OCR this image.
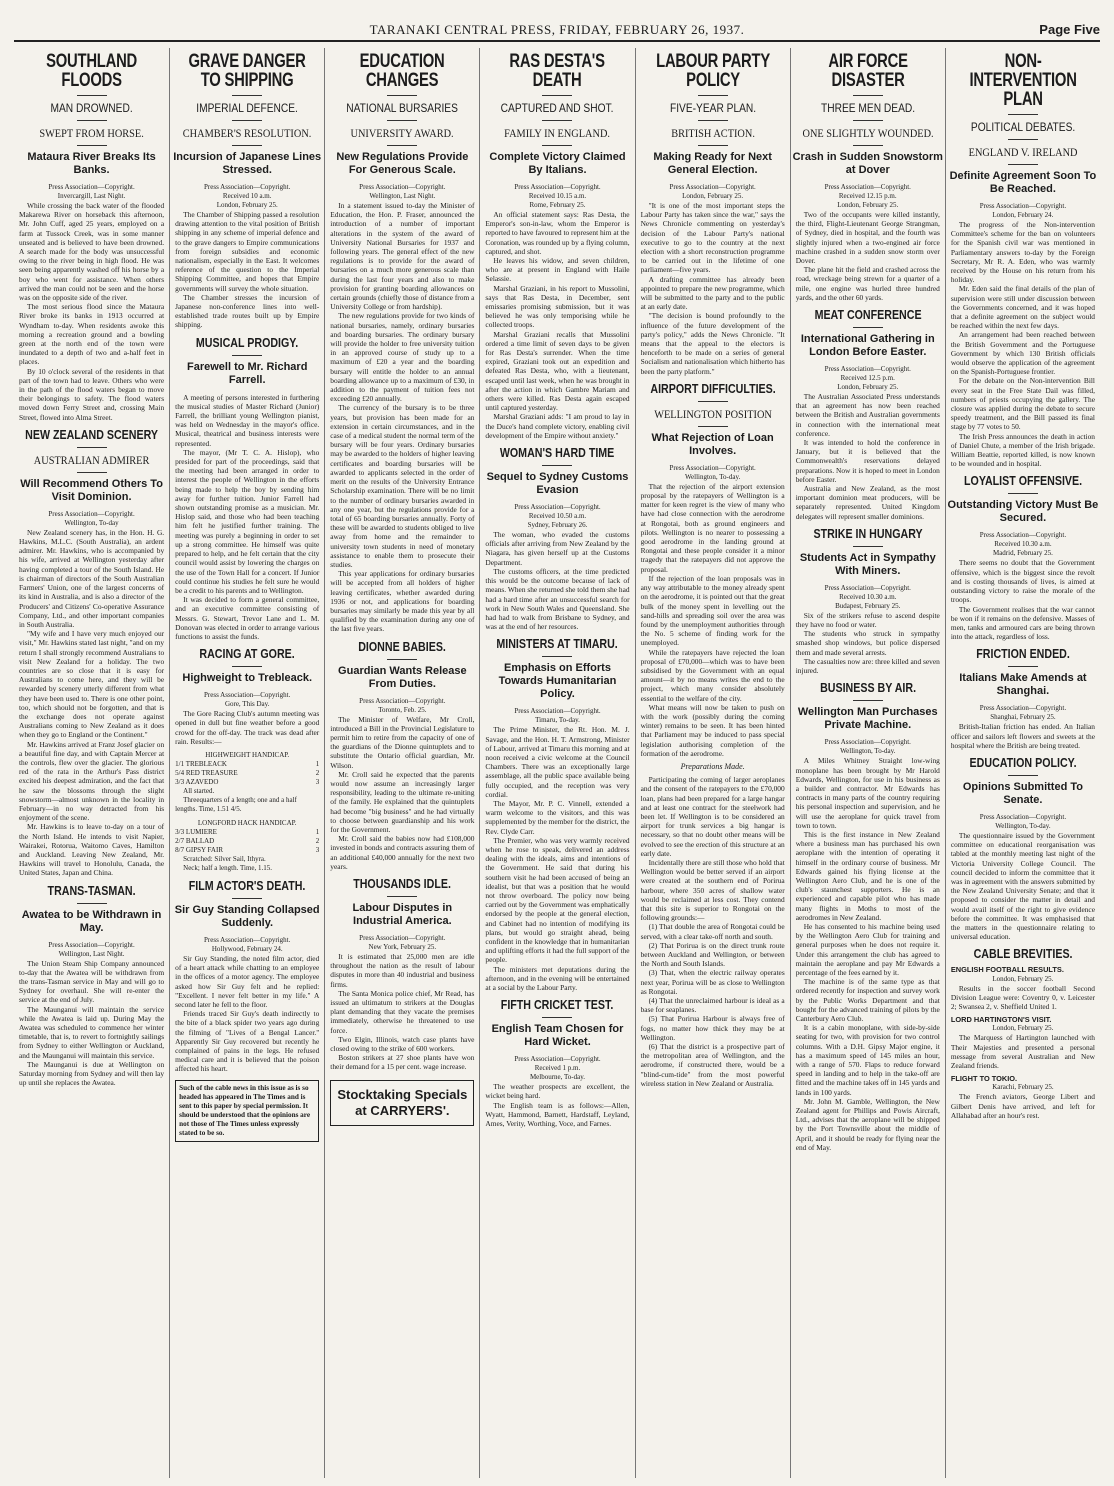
TARANAKI CENTRAL PRESS, FRIDAY, FEBRUARY 26, 1937.	Page Five
SOUTHLAND FLOODS
MAN DROWNED.
SWEPT FROM HORSE.
Mataura River Breaks Its Banks.
Press Association—Copyright.
Invercargill, Last Night.

While crossing the back water of the flooded Makarewa River on horseback this afternoon, Mr. John Cuff, aged 25 years, employed on a farm at Tussock Creek, was in some manner unseated and is believed to have been drowned. A search made for the body was unsuccessful owing to the river being in high flood. He was seen being apparently washed off his horse by a boy who went for assistance. When others arrived the man could not be seen and the horse was on the opposite side of the river.

The most serious flood since the Mataura River broke its banks in 1913 occurred at Wyndham to-day. When residents awoke this morning a recreation ground and a bowling green at the north end of the town were inundated to a depth of two and a-half feet in places.

By 10 o'clock several of the residents in that part of the town had to leave. Others who were in the path of the flood waters began to move their belongings to safety. The flood waters moved down Ferry Street and, crossing Main Street, flowed into Alma Street.

NEW ZEALAND SCENERY
AUSTRALIAN ADMIRER
Will Recommend Others To Visit Dominion.
Press Association—Copyright.
Wellington, To-day

New Zealand scenery has, in the Hon. H. G. Hawkins, M.L.C. (South Australia), an ardent admirer. Mr. Hawkins, who is accompanied by his wife, arrived at Wellington yesterday after having completed a tour of the South Island. He is chairman of directors of the South Australian Farmers' Union, one of the largest concerns of its kind in Australia, and is also a director of the Producers' and Citizens' Co-operative Assurance Company, Ltd., and other important companies in South Australia.

"My wife and I have very much enjoyed our visit," Mr. Hawkins stated last night, "and on my return I shall strongly recommend Australians to visit New Zealand for a holiday. The two countries are so close that it is easy for Australians to come here, and they will be rewarded by scenery utterly different from what they have been used to. There is one other point, too, which should not be forgotten, and that is the exchange does not operate against Australians coming to New Zealand as it does when they go to England or the Continent."

Mr. Hawkins arrived at Franz Josef glacier on a beautiful fine day, and with Captain Mercer at the controls, flew over the glacier. The glorious red of the rata in the Arthur's Pass district excited his deepest admiration, and the fact that he saw the blossoms through the slight snowstorm—almost unknown in the locality in February—in no way detracted from his enjoyment of the scene.

Mr. Hawkins is to leave to-day on a tour of the North Island. He intends to visit Napier, Wairakei, Rotorua, Waitomo Caves, Hamilton and Auckland. Leaving New Zealand, Mr. Hawkins will travel to Honolulu, Canada, the United States, Japan and China.

TRANS-TASMAN.
Awatea to be Withdrawn in May.
Press Association—Copyright.
Wellington, Last Night.

The Union Steam Ship Company announced to-day that the Awatea will be withdrawn from the trans-Tasman service in May and will go to Sydney for overhaul. She will re-enter the service at the end of July.

The Maunganui will maintain the service while the Awatea is laid up. During May the Awatea was scheduled to commence her winter timetable, that is, to revert to fortnightly sailings from Sydney to either Wellington or Auckland, and the Maunganui will maintain this service.

The Maunganui is due at Wellington on Saturday morning from Sydney and will then lay up until she replaces the Awatea.

GRAVE DANGER TO SHIPPING
IMPERIAL DEFENCE.
CHAMBER'S RESOLUTION.
Incursion of Japanese Lines Stressed.
Press Association—Copyright.
Received 10 a.m.
London, February 25.

The Chamber of Shipping passed a resolution drawing attention to the vital position of British shipping in any scheme of imperial defence and to the grave dangers to Empire communications from foreign subsidies and economic nationalism, especially in the East. It welcomes reference of the question to the Imperial Shipping Committee, and hopes that Empire governments will survey the whole situation.

The Chamber stresses the incursion of Japanese non-conference lines into well-established trade routes built up by Empire shipping.

MUSICAL PRODIGY.
Farewell to Mr. Richard Farrell.

A meeting of persons interested in furthering the musical studies of Master Richard (Junior) Farrell, the brilliant young Wellington pianist, was held on Wednesday in the mayor's office. Musical, theatrical and business interests were represented.

The mayor, (Mr T. C. A. Hislop), who presided for part of the proceedings, said that the meeting had been arranged in order to interest the people of Wellington in the efforts being made to help the boy by sending him away for further tuition. Junior Farrell had shown outstanding promise as a musician. Mr. Hislop said, and those who had been teaching him felt he justified further training. The meeting was purely a beginning in order to set up a strong committee. He himself was quite prepared to help, and he felt certain that the city council would assist by lowering the charges on the use of the Town Hall for a concert. If Junior could continue his studies he felt sure he would be a credit to his parents and to Wellington.

It was decided to form a general committee, and an executive committee consisting of Messrs. G. Stewart, Trevor Lane and L. M. Donovan was elected in order to arrange various functions to assist the funds.

RACING AT GORE.
Highweight to Trebleack.
Press Association—Copyright.
Gore, This Day.

The Gore Racing Club's autumn meeting was opened in dull but fine weather before a good crowd for the off-day. The track was dead after rain. Results:—

HIGHWEIGHT HANDICAP.
1/1 TREBLEACK	1
5/4 RED TREASURE	2
3/3 AZAVEDO	3
All started.
Threequarters of a length; one and a half lengths. Time, 1.51 4/5.
LONGFORD HACK HANDICAP.
3/3 LUMIERE	1
2/7 BALLAD	2
8/7 GIPSY FAIR	3
Scratched: Silver Sail, Ithyra.
Neck; half a length. Time, 1.15.
FILM ACTOR'S DEATH.
Sir Guy Standing Collapsed Suddenly.
Press Association—Copyright.
Hollywood, February 24.

Sir Guy Standing, the noted film actor, died of a heart attack while chatting to an employee in the offices of a motor agency. The employee asked how Sir Guy felt and he replied: "Excellent. I never felt better in my life." A second later he fell to the floor.

Friends traced Sir Guy's death indirectly to the bite of a black spider two years ago during the filming of "Lives of a Bengal Lancer." Apparently Sir Guy recovered but recently he complained of pains in the legs. He refused medical care and it is believed that the poison affected his heart.

Such of the cable news in this issue as is so headed has appeared in The Times and is sent to this paper by special permission. It should be understood that the opinions are not those of The Times unless expressly stated to be so.
EDUCATION CHANGES
NATIONAL BURSARIES
UNIVERSITY AWARD.
New Regulations Provide For Generous Scale.
Press Association—Copyright.
Wellington, Last Night.

In a statement issued to-day the Minister of Education, the Hon. P. Fraser, announced the introduction of a number of important alterations in the system of the award of University National Bursaries for 1937 and following years. The general effect of the new regulations is to provide for the award of bursaries on a much more generous scale than during the last four years and also to make provision for granting boarding allowances on certain grounds (chiefly those of distance from a University College or from hardship).

The new regulations provide for two kinds of national bursaries, namely, ordinary bursaries and boarding bursaries. The ordinary bursary will provide the holder to free university tuition in an approved course of study up to a maximum of £20 a year and the boarding bursary will entitle the holder to an annual boarding allowance up to a maximum of £30, in addition to the payment of tuition fees not exceeding £20 annually.

The currency of the bursary is to be three years, but provision has been made for an extension in certain circumstances, and in the case of a medical student the normal term of the bursary will be four years. Ordinary bursaries may be awarded to the holders of higher leaving certificates and boarding bursaries will be awarded to applicants selected in the order of merit on the results of the University Entrance Scholarship examination. There will be no limit to the number of ordinary bursaries awarded in any one year, but the regulations provide for a total of 65 boarding bursaries annually. Forty of these will be awarded to students obliged to live away from home and the remainder to university town students in need of monetary assistance to enable them to prosecute their studies.

This year applications for ordinary bursaries will be accepted from all holders of higher leaving certificates, whether awarded during 1936 or not, and applications for boarding bursaries may similarly be made this year by all qualified by the examination during any one of the last five years.

DIONNE BABIES.
Guardian Wants Release From Duties.
Press Association—Copyright.
Toronto, Feb. 25.

The Minister of Welfare, Mr Croll, introduced a Bill in the Provincial Legislature to permit him to retire from the capacity of one of the guardians of the Dionne quintuplets and to substitute the Ontario official guardian, Mr. Wilson.

Mr. Croll said he expected that the parents would now assume an increasingly larger responsibility, leading to the ultimate re-uniting of the family. He explained that the quintuplets had become "big business" and he had virtually to choose between guardianship and his work for the Government.

Mr. Croll said the babies now had £108,000 invested in bonds and contracts assuring them of an additional £40,000 annually for the next two years.

THOUSANDS IDLE.
Labour Disputes in Industrial America.
Press Association—Copyright.
New York, February 25.

It is estimated that 25,000 men are idle throughout the nation as the result of labour disputes in more than 40 industrial and business firms.

The Santa Monica police chief, Mr Read, has issued an ultimatum to strikers at the Douglas plant demanding that they vacate the premises immediately, otherwise he threatened to use force.

Two Elgin, Illinois, watch case plants have closed owing to the strike of 600 workers.

Boston strikers at 27 shoe plants have won their demand for a 15 per cent. wage increase.

Stocktaking Specials at CARRYERS'.
RAS DESTA'S DEATH
CAPTURED AND SHOT.
FAMILY IN ENGLAND.
Complete Victory Claimed By Italians.
Press Association—Copyright.
Received 10.15 a.m.
Rome, February 25.

An official statement says: Ras Desta, the Emperor's son-in-law, whom the Emperor is reported to have favoured to represent him at the Coronation, was rounded up by a flying column, captured, and shot.

He leaves his widow, and seven children, who are at present in England with Haile Selassie.

Marshal Graziani, in his report to Mussolini, says that Ras Desta, in December, sent emissaries promising submission, but it was believed he was only temporising while he collected troops.

Marshal Graziani recalls that Mussolini ordered a time limit of seven days to be given for Ras Desta's surrender. When the time expired, Graziani took out an expedition and defeated Ras Desta, who, with a lieutenant, escaped until last week, when he was brought in after the action in which Gambre Mariam and others were killed. Ras Desta again escaped until captured yesterday.

Marshal Graziani adds: "I am proud to lay in the Duce's hand complete victory, enabling civil development of the Empire without anxiety."

WOMAN'S HARD TIME
Sequel to Sydney Customs Evasion
Press Association—Copyright.
Received 10.50 a.m.
Sydney, February 26.

The woman, who evaded the customs officials after arriving from New Zealand by the Niagara, has given herself up at the Customs Department.

The customs officers, at the time predicted this would be the outcome because of lack of means. When she returned she told them she had had a hard time after an unsuccessful search for work in New South Wales and Queensland. She had had to walk from Brisbane to Sydney, and was at the end of her resources.

MINISTERS AT TIMARU.
Emphasis on Efforts Towards Humanitarian Policy.
Press Association—Copyright.
Timaru, To-day.

The Prime Minister, the Rt. Hon. M. J. Savage, and the Hon. H. T. Armstrong, Minister of Labour, arrived at Timaru this morning and at noon received a civic welcome at the Council Chambers. There was an exceptionally large assemblage, all the public space available being fully occupied, and the reception was very cordial.

The Mayor, Mr. P. C. Vinnell, extended a warm welcome to the visitors, and this was supplemented by the member for the district, the Rev. Clyde Carr.

The Premier, who was very warmly received when he rose to speak, delivered an address dealing with the ideals, aims and intentions of the Government. He said that during his southern visit he had been accused of being an idealist, but that was a position that he would not throw overboard. The policy now being carried out by the Government was emphatically endorsed by the people at the general election, and Cabinet had no intention of modifying its plans, but would go straight ahead, being confident in the knowledge that in humanitarian and uplifting efforts it had the full support of the people.

The ministers met deputations during the afternoon, and in the evening will be entertained at a social by the Labour Party.

FIFTH CRICKET TEST.
English Team Chosen for Hard Wicket.
Press Association—Copyright.
Received 1 p.m.
Melbourne, To-day.

The weather prospects are excellent, the wicket being hard.

The English team is as follows:—Allen, Wyatt, Hammond, Barnett, Hardstaff, Leyland, Ames, Verity, Worthing, Voce, and Farnes.

LABOUR PARTY POLICY
FIVE-YEAR PLAN.
BRITISH ACTION.
Making Ready for Next General Election.
Press Association—Copyright.
London, February 25.

"It is one of the most important steps the Labour Party has taken since the war," says the News Chronicle commenting on yesterday's decision of the Labour Party's national executive to go to the country at the next election with a short reconstruction programme to be carried out in the lifetime of one parliament—five years.

A drafting committee has already been appointed to prepare the new programme, which will be submitted to the party and to the public at an early date.

"The decision is bound profoundly to the influence of the future development of the party's policy," adds the News Chronicle. "It means that the appeal to the electors is henceforth to be made on a series of general Socialism and nationalisation which hitherto has been the party platform."

AIRPORT DIFFICULTIES.
WELLINGTON POSITION
What Rejection of Loan Involves.
Press Association—Copyright.
Wellington, To-day.

That the rejection of the airport extension proposal by the ratepayers of Wellington is a matter for keen regret is the view of many who have had close connection with the aerodrome at Rongotai, both as ground engineers and pilots. Wellington is no nearer to possessing a good aerodrome in the landing ground at Rongotai and these people consider it a minor tragedy that the ratepayers did not approve the proposal.

If the rejection of the loan proposals was in any way attributable to the money already spent on the aerodrome, it is pointed out that the great bulk of the money spent in levelling out the sand-hills and spreading soil over the area was found by the unemployment authorities through the No. 5 scheme of finding work for the unemployed.

While the ratepayers have rejected the loan proposal of £70,000—which was to have been subsidised by the Government with an equal amount—it by no means writes the end to the project, which many consider absolutely essential to the welfare of the city.

What means will now be taken to push on with the work (possibly during the coming winter) remains to be seen. It has been hinted that Parliament may be induced to pass special legislation authorising completion of the formation of the aerodrome.

Preparations Made.

Participating the coming of larger aeroplanes and the consent of the ratepayers to the £70,000 loan, plans had been prepared for a large hangar and at least one contract for the steelwork had been let. If Wellington is to be considered an airport for trunk services a big hangar is necessary, so that no doubt other means will be evolved to see the erection of this structure at an early date.

Incidentally there are still those who hold that Wellington would be better served if an airport were created at the southern end of Porirua harbour, where 350 acres of shallow water would be reclaimed at less cost. They contend that this site is superior to Rongotai on the following grounds:—

(1) That double the area of Rongotai could be served, with a clear take-off north and south.

(2) That Porirua is on the direct trunk route between Auckland and Wellington, or between the North and South Islands.

(3) That, when the electric railway operates next year, Porirua will be as close to Wellington as Rongotai.

(4) That the unreclaimed harbour is ideal as a base for seaplanes.

(5) That Porirua Harbour is always free of fogs, no matter how thick they may be at Wellington.

(6) That the district is a prospective part of the metropolitan area of Wellington, and the aerodrome, if constructed there, would be a "blind-cum-tide" from the most powerful wireless station in New Zealand or Australia.

AIR FORCE DISASTER
THREE MEN DEAD.
ONE SLIGHTLY WOUNDED.
Crash in Sudden Snowstorm at Dover
Press Association—Copyright.
Received 12.15 p.m.
London, February 25.

Two of the occupants were killed instantly, the third, Flight-Lieutenant George Strangman, of Sydney, died in hospital, and the fourth was slightly injured when a two-engined air force machine crashed in a sudden snow storm over Dover.

The plane hit the field and crashed across the road, wreckage being strewn for a quarter of a mile, one engine was hurled three hundred yards, and the other 60 yards.

MEAT CONFERENCE
International Gathering in London Before Easter.
Press Association—Copyright.
Received 12.5 p.m.
London, February 25.

The Australian Associated Press understands that an agreement has now been reached between the British and Australian governments in connection with the international meat conference.

It was intended to hold the conference in January, but it is believed that the Commonwealth's reservations delayed preparations. Now it is hoped to meet in London before Easter.

Australia and New Zealand, as the most important dominion meat producers, will be separately represented. United Kingdom delegates will represent smaller dominions.

STRIKE IN HUNGARY
Students Act in Sympathy With Miners.
Press Association—Copyright.
Received 10.30 a.m.
Budapest, February 25.

Six of the strikers refuse to ascend despite they have no food or water.

The students who struck in sympathy smashed shop windows, but police dispersed them and made several arrests.

The casualties now are: three killed and seven injured.

BUSINESS BY AIR.
Wellington Man Purchases Private Machine.
Press Association—Copyright.
Wellington, To-day.

A Miles Whitney Straight low-wing monoplane has been brought by Mr Harold Edwards, Wellington, for use in his business as a builder and contractor. Mr Edwards has contracts in many parts of the country requiring his personal inspection and supervision, and he will use the aeroplane for quick travel from town to town.

This is the first instance in New Zealand where a business man has purchased his own aeroplane with the intention of operating it himself in the ordinary course of business. Mr Edwards gained his flying license at the Wellington Aero Club, and he is one of the club's staunchest supporters. He is an experienced and capable pilot who has made many flights in Moths to most of the aerodromes in New Zealand.

He has consented to his machine being used by the Wellington Aero Club for training and general purposes when he does not require it. Under this arrangement the club has agreed to maintain the aeroplane and pay Mr Edwards a percentage of the fees earned by it.

The machine is of the same type as that ordered recently for inspection and survey work by the Public Works Department and that bought for the advanced training of pilots by the Canterbury Aero Club.

It is a cabin monoplane, with side-by-side seating for two, with provision for two control columns. With a D.H. Gipsy Major engine, it has a maximum speed of 145 miles an hour, with a range of 570. Flaps to reduce forward speed in landing and to help in the take-off are fitted and the machine takes off in 145 yards and lands in 100 yards.

Mr. John M. Gamble, Wellington, the New Zealand agent for Phillips and Powis Aircraft, Ltd., advises that the aeroplane will be shipped by the Port Townsville about the middle of April, and it should be ready for flying near the end of May.

NON-INTERVENTION PLAN
POLITICAL DEBATES.
ENGLAND V. IRELAND
Definite Agreement Soon To Be Reached.
Press Association—Copyright.
London, February 24.

The progress of the Non-intervention Committee's scheme for the ban on volunteers for the Spanish civil war was mentioned in Parliamentary answers to-day by the Foreign Secretary, Mr R. A. Eden, who was warmly received by the House on his return from his holiday.

Mr. Eden said the final details of the plan of supervision were still under discussion between the Governments concerned, and it was hoped that a definite agreement on the subject would be reached within the next few days.

An arrangement had been reached between the British Government and the Portuguese Government by which 130 British officials would observe the application of the agreement on the Spanish-Portuguese frontier.

For the debate on the Non-intervention Bill every seat in the Free State Dail was filled, numbers of priests occupying the gallery. The closure was applied during the debate to secure speedy treatment, and the Bill passed its final stage by 77 votes to 50.

The Irish Press announces the death in action of Daniel Chute, a member of the Irish brigade. William Beattie, reported killed, is now known to be wounded and in hospital.

LOYALIST OFFENSIVE.
Outstanding Victory Must Be Secured.
Press Association—Copyright.
Received 10.30 a.m.
Madrid, February 25.

There seems no doubt that the Government offensive, which is the biggest since the revolt and is costing thousands of lives, is aimed at outstanding victory to raise the morale of the troops.

The Government realises that the war cannot be won if it remains on the defensive. Masses of men, tanks and armoured cars are being thrown into the attack, regardless of loss.

FRICTION ENDED.
Italians Make Amends at Shanghai.
Press Association—Copyright.
Shanghai, February 25.

British-Italian friction has ended. An Italian officer and sailors left flowers and sweets at the hospital where the British are being treated.

EDUCATION POLICY.
Opinions Submitted To Senate.
Press Association—Copyright.
Wellington, To-day.

The questionnaire issued by the Government committee on educational reorganisation was tabled at the monthly meeting last night of the Victoria University College Council. The council decided to inform the committee that it was in agreement with the answers submitted by the New Zealand University Senate; and that it proposed to consider the matter in detail and would avail itself of the right to give evidence before the committee. It was emphasised that the matters in the questionnaire relating to universal education.

CABLE BREVITIES.
ENGLISH FOOTBALL RESULTS.
London, February 25.

Results in the soccer football Second Division League were: Coventry 0, v. Leicester 2; Swansea 2, v. Sheffield United 1.

LORD HARTINGTON'S VISIT.
London, February 25.

The Marquess of Hartington launched with Their Majesties and presented a personal message from several Australian and New Zealand friends.

FLIGHT TO TOKIO.
Karachi, February 25.

The French aviators, George Libert and Gilbert Denis have arrived, and left for Allahabad after an hour's rest.
